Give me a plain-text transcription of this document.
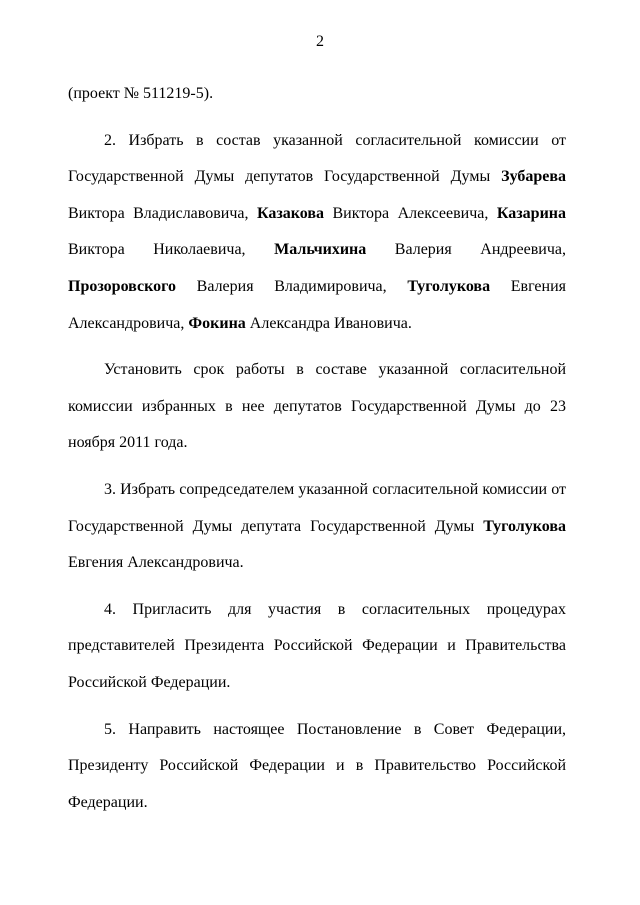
2

(проект № 511219-5).

2. Избрать в состав указанной согласительной комиссии от Государственной Думы депутатов Государственной Думы Зубарева Виктора Владиславовича, Казакова Виктора Алексеевича, Казарина Виктора Николаевича, Мальчихина Валерия Андреевича, Прозоровского Валерия Владимировича, Туголукова Евгения Александровича, Фокина Александра Ивановича.

Установить срок работы в составе указанной согласительной комиссии избранных в нее депутатов Государственной Думы до 23 ноября 2011 года.

3. Избрать сопредседателем указанной согласительной комиссии от Государственной Думы депутата Государственной Думы Туголукова Евгения Александровича.

4. Пригласить для участия в согласительных процедурах представителей Президента Российской Федерации и Правительства Российской Федерации.

5. Направить настоящее Постановление в Совет Федерации, Президенту Российской Федерации и в Правительство Российской Федерации.
